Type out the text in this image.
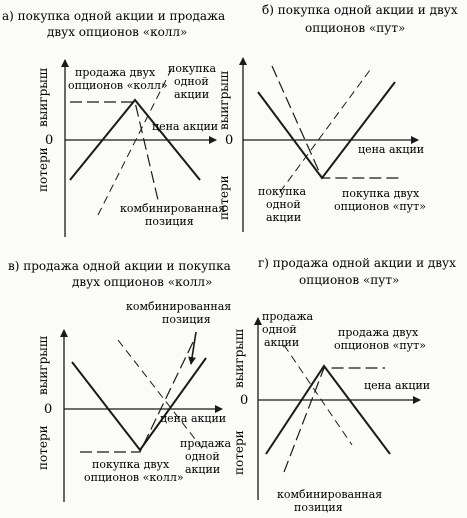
а) покупка одной акции и продажа
двух опционов «колл»
выигрыш
потери
0
продажа двух
опционов «колл»
покупка
одной
акции
цена акции
комбинированная
позиция
б) покупка одной акции и двух
опционов «пут»
выигрыш
потери
0
цена акции
покупка
одной
акции
покупка двух
опционов «пут»
в) продажа одной акции и покупка
двух опционов «колл»
выигрыш
потери
0
комбинированная
позиция
цена акции
покупка двух
опционов «колл»
продажа
одной
акции
г) продажа одной акции и двух
опционов «пут»
выигрыш
потери
0
продажа
одной
акции
продажа двух
опционов «пут»
цена акции
комбинированная
позиция
